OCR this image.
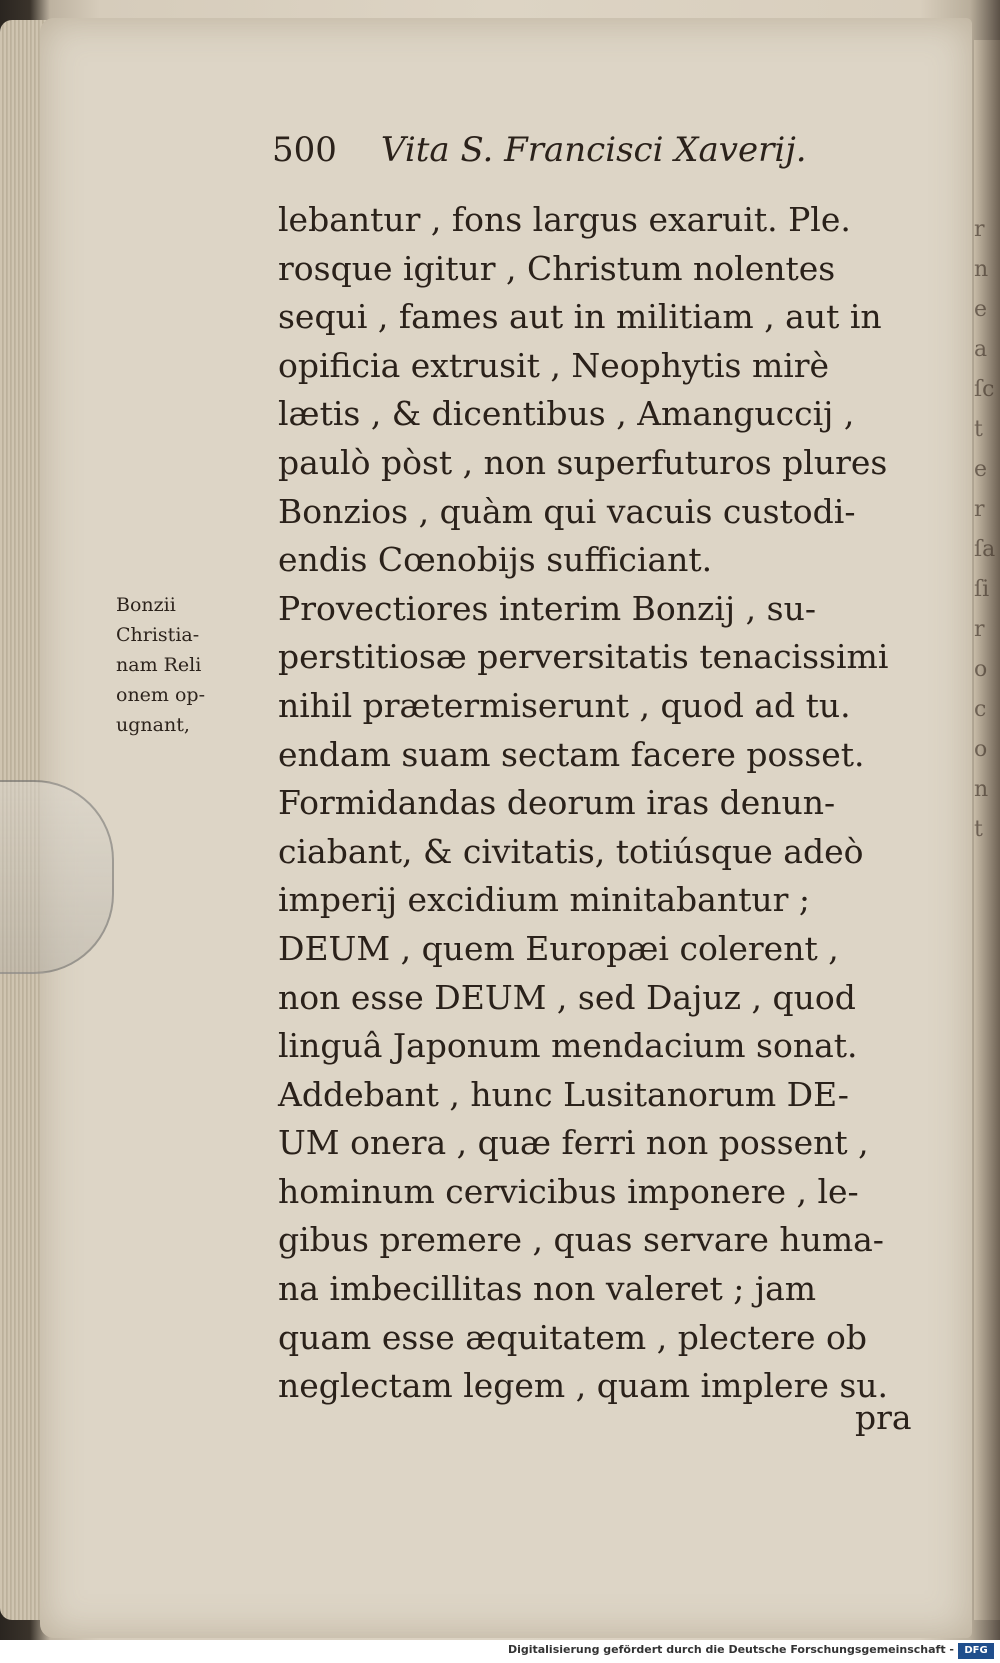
r n e a ſc t e r ſa ſi r o c o n t
500 Vita S. Francisci Xaverij.
Bonzii
Christia-
nam Reli
onem op-
ugnant,
lebantur , fons largus exaruit. Ple.
rosque igitur , Christum nolentes
sequi , fames aut in militiam , aut in
opificia extrusit , Neophytis mirè
lætis , & dicentibus , Amanguccij ,
paulò pòst , non superfuturos plures
Bonzios , quàm qui vacuis custodi-
endis Cœnobijs sufficiant.
Provectiores interim Bonzij , su-
perstitiosæ perversitatis tenacissimi
nihil prætermiserunt , quod ad tu.
endam suam sectam facere posset.
Formidandas deorum iras denun-
ciabant, & civitatis, totiúsque adeò
imperij excidium minitabantur ;
DEUM , quem Europæi colerent ,
non esse DEUM , sed Dajuz , quod
linguâ Japonum mendacium sonat.
Addebant , hunc Lusitanorum DE-
UM onera , quæ ferri non possent ,
hominum cervicibus imponere , le-
gibus premere , quas servare huma-
na imbecillitas non valeret ; jam
quam esse æquitatem , plectere ob
neglectam legem , quam implere su.
pra
Digitalisierung gefördert durch die Deutsche Forschungsgemeinschaft -	DFG
